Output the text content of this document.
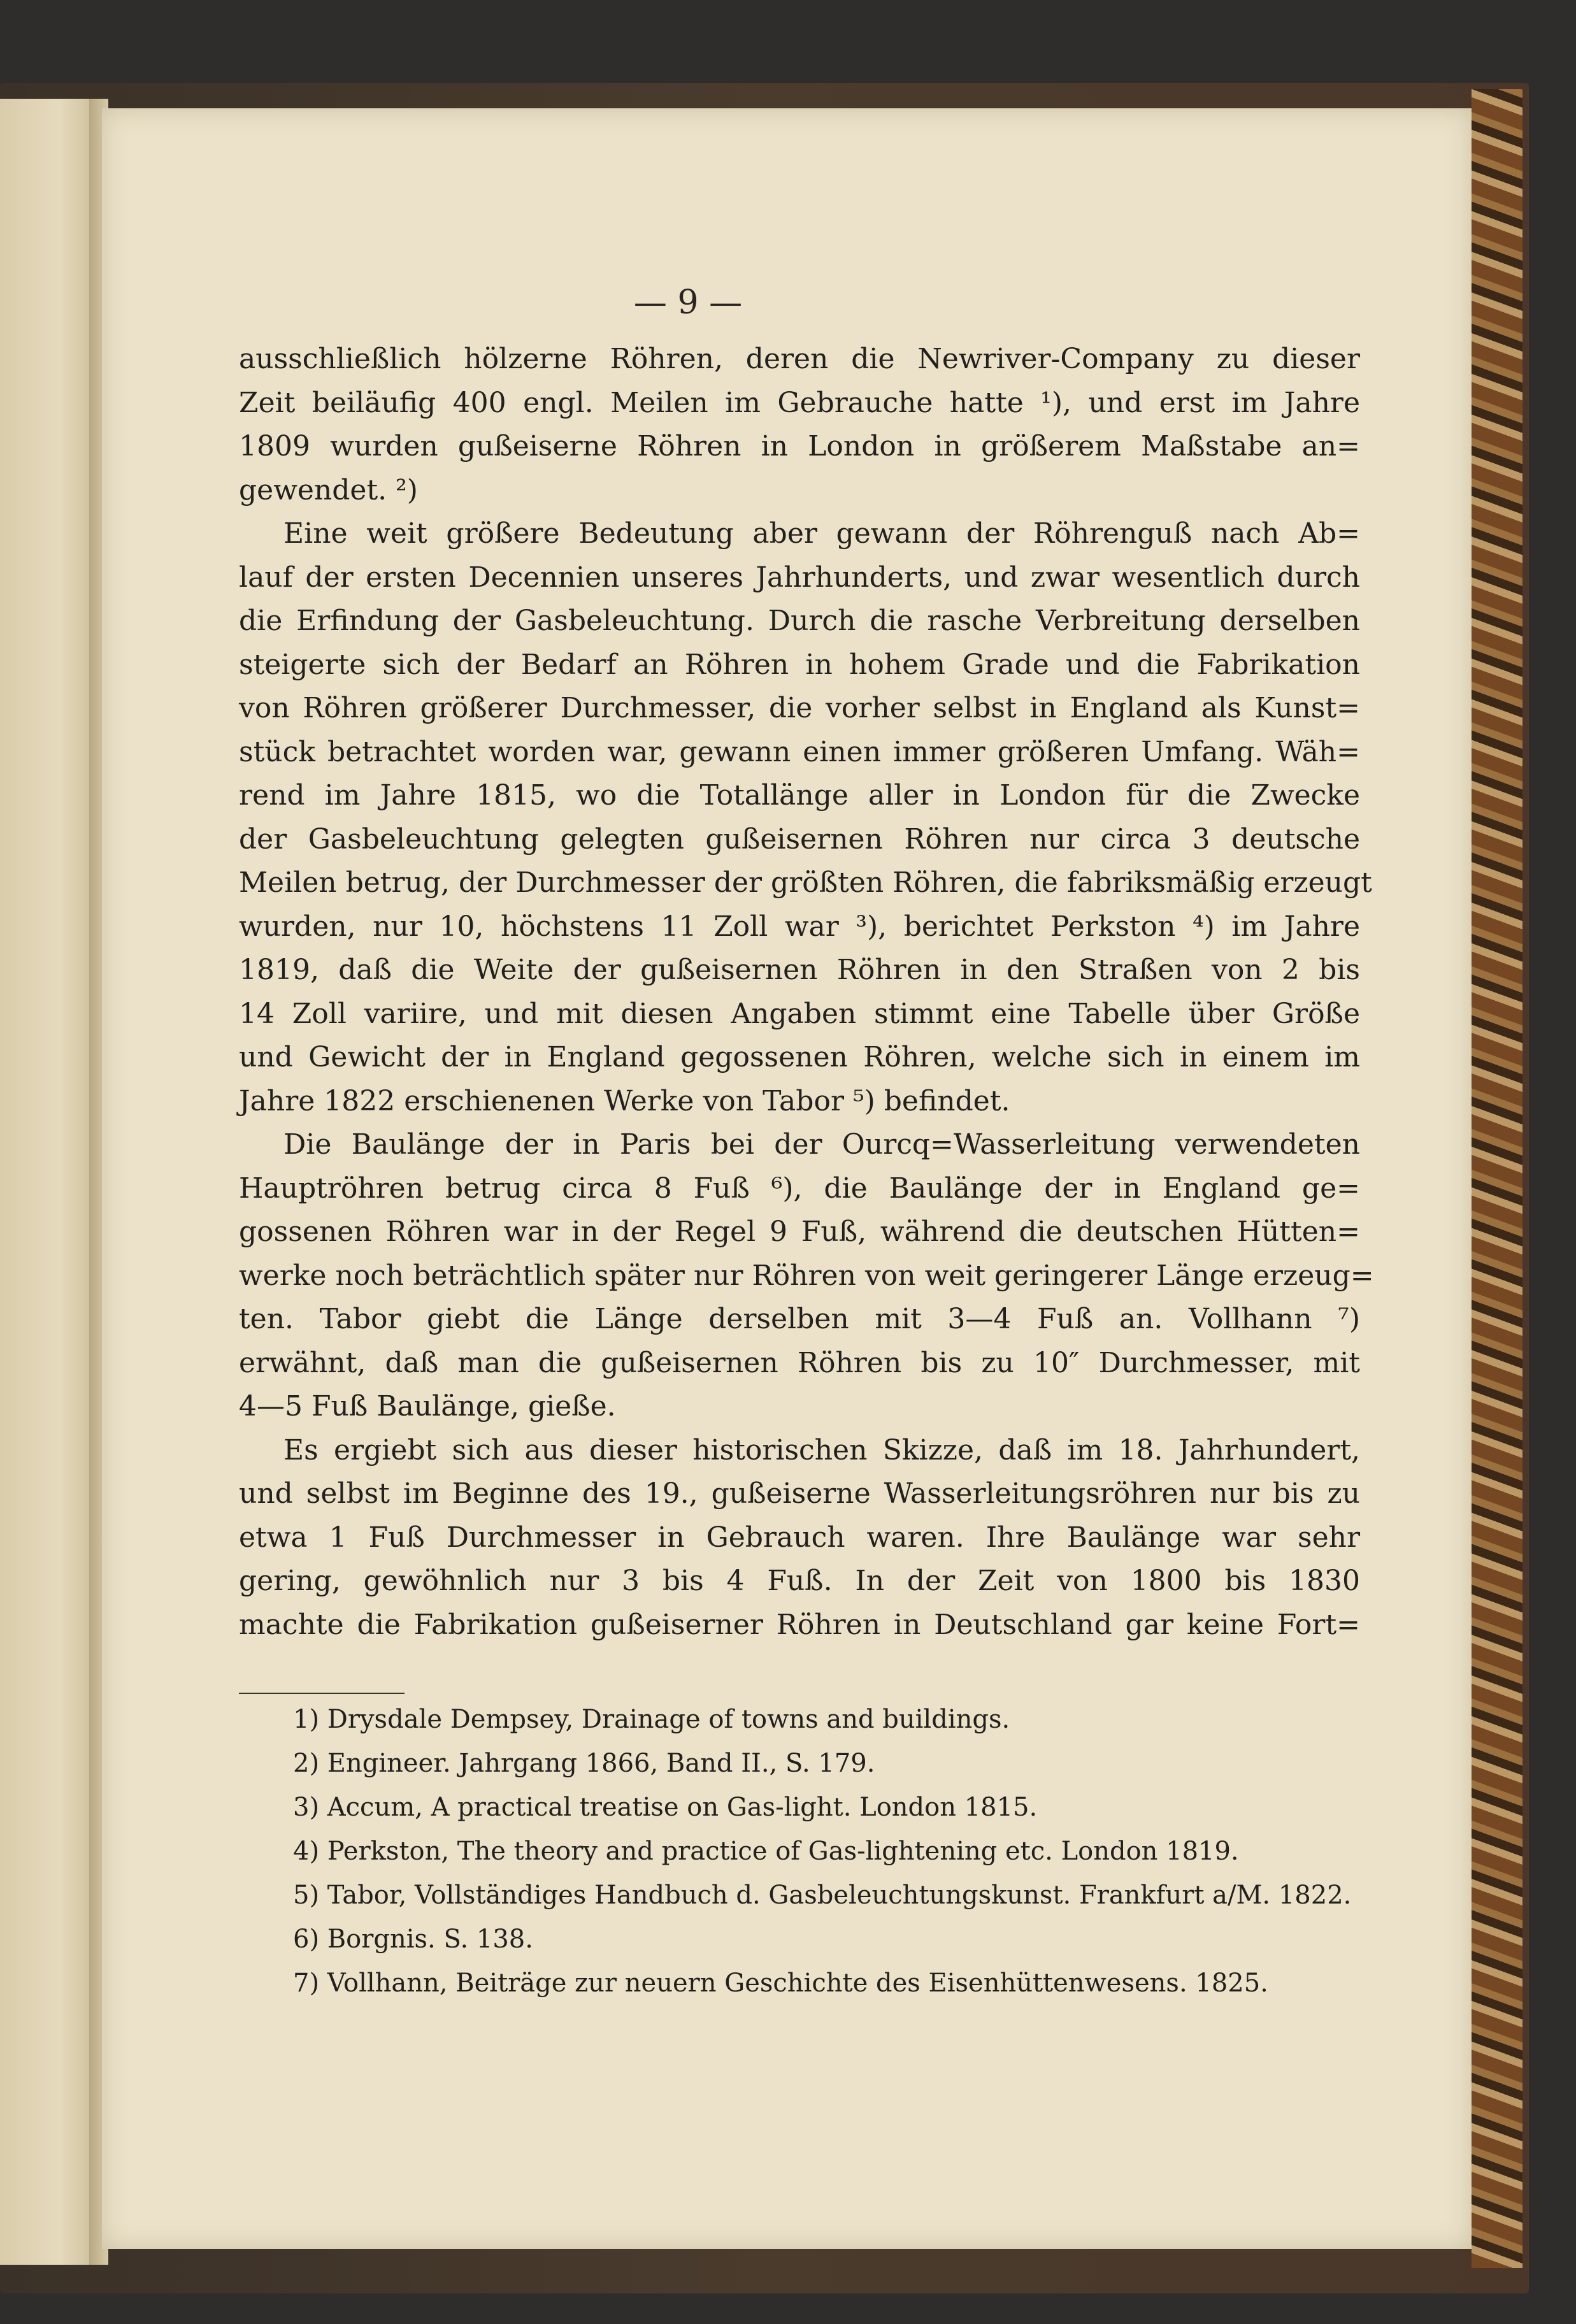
— 9 —
ausschließlich hölzerne Röhren, deren die Newriver-Company zu dieser
Zeit beiläufig 400 engl. Meilen im Gebrauche hatte ¹), und erst im Jahre
1809 wurden gußeiserne Röhren in London in größerem Maßstabe an=
gewendet. ²)
Eine weit größere Bedeutung aber gewann der Röhrenguß nach Ab=
lauf der ersten Decennien unseres Jahrhunderts, und zwar wesentlich durch
die Erfindung der Gasbeleuchtung. Durch die rasche Verbreitung derselben
steigerte sich der Bedarf an Röhren in hohem Grade und die Fabrikation
von Röhren größerer Durchmesser, die vorher selbst in England als Kunst=
stück betrachtet worden war, gewann einen immer größeren Umfang. Wäh=
rend im Jahre 1815, wo die Totallänge aller in London für die Zwecke
der Gasbeleuchtung gelegten gußeisernen Röhren nur circa 3 deutsche
Meilen betrug, der Durchmesser der größten Röhren, die fabriksmäßig erzeugt
wurden, nur 10, höchstens 11 Zoll war ³), berichtet Perkston ⁴) im Jahre
1819, daß die Weite der gußeisernen Röhren in den Straßen von 2 bis
14 Zoll variire, und mit diesen Angaben stimmt eine Tabelle über Größe
und Gewicht der in England gegossenen Röhren, welche sich in einem im
Jahre 1822 erschienenen Werke von Tabor ⁵) befindet.
Die Baulänge der in Paris bei der Ourcq=Wasserleitung verwendeten
Hauptröhren betrug circa 8 Fuß ⁶), die Baulänge der in England ge=
gossenen Röhren war in der Regel 9 Fuß, während die deutschen Hütten=
werke noch beträchtlich später nur Röhren von weit geringerer Länge erzeug=
ten. Tabor giebt die Länge derselben mit 3—4 Fuß an. Vollhann ⁷)
erwähnt, daß man die gußeisernen Röhren bis zu 10″ Durchmesser, mit
4—5 Fuß Baulänge, gieße.
Es ergiebt sich aus dieser historischen Skizze, daß im 18. Jahrhundert,
und selbst im Beginne des 19., gußeiserne Wasserleitungsröhren nur bis zu
etwa 1 Fuß Durchmesser in Gebrauch waren. Ihre Baulänge war sehr
gering, gewöhnlich nur 3 bis 4 Fuß. In der Zeit von 1800 bis 1830
machte die Fabrikation gußeiserner Röhren in Deutschland gar keine Fort=
1) Drysdale Dempsey, Drainage of towns and buildings.
2) Engineer. Jahrgang 1866, Band II., S. 179.
3) Accum, A practical treatise on Gas-light. London 1815.
4) Perkston, The theory and practice of Gas-lightening etc. London 1819.
5) Tabor, Vollständiges Handbuch d. Gasbeleuchtungskunst. Frankfurt a/M. 1822.
6) Borgnis. S. 138.
7) Vollhann, Beiträge zur neuern Geschichte des Eisenhüttenwesens. 1825.
